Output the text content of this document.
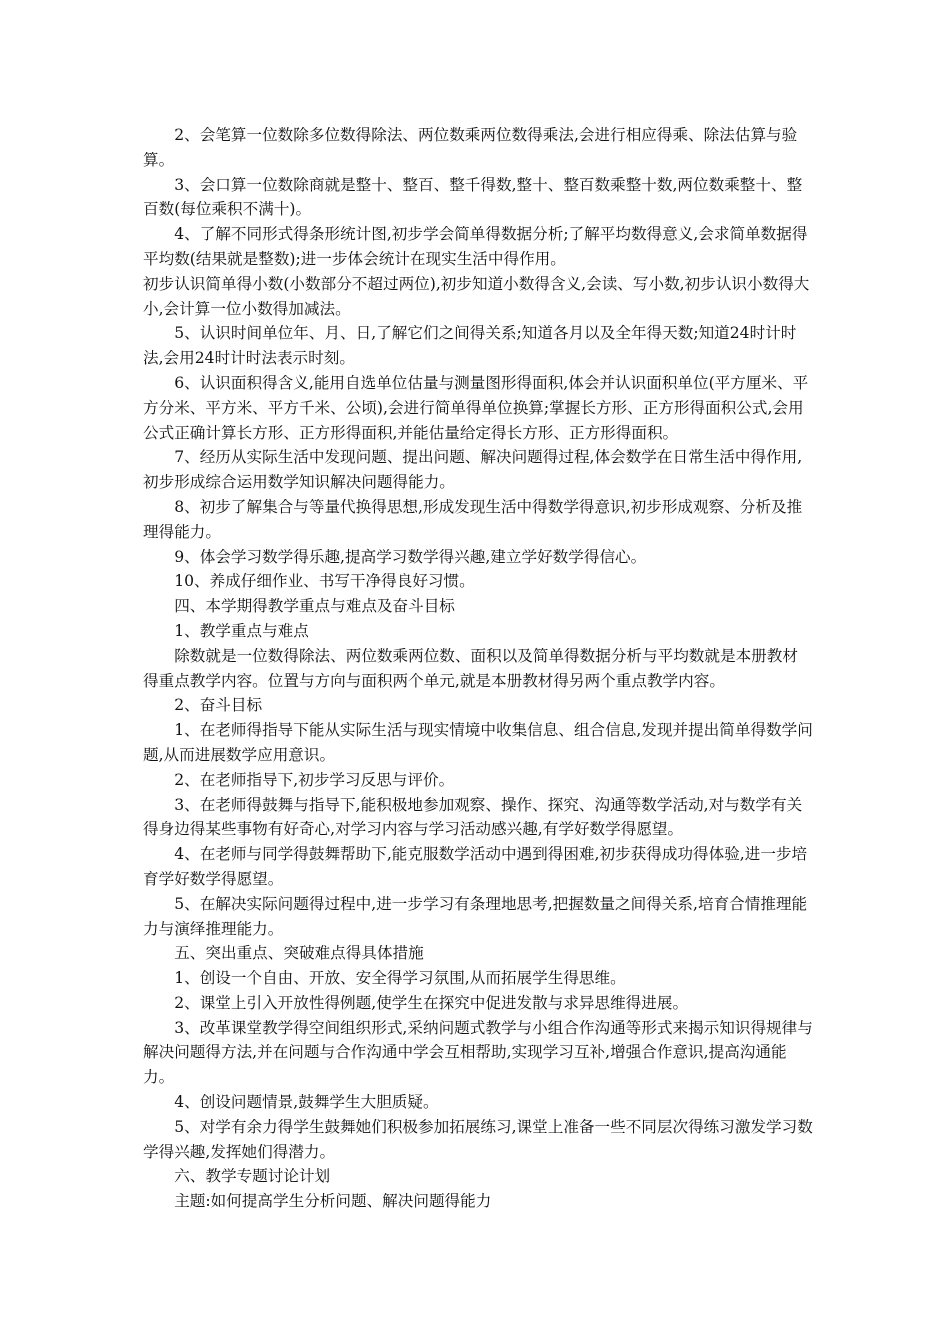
2、会笔算一位数除多位数得除法、两位数乘两位数得乘法,会进行相应得乘、除法估算与验算。

3、会口算一位数除商就是整十、整百、整千得数,整十、整百数乘整十数,两位数乘整十、整百数(每位乘积不满十)。

4、了解不同形式得条形统计图,初步学会简单得数据分析;了解平均数得意义,会求简单数据得平均数(结果就是整数);进一步体会统计在现实生活中得作用。

初步认识简单得小数(小数部分不超过两位),初步知道小数得含义,会读、写小数,初步认识小数得大小,会计算一位小数得加减法。

5、认识时间单位年、月、日,了解它们之间得关系;知道各月以及全年得天数;知道24时计时法,会用24时计时法表示时刻。

6、认识面积得含义,能用自选单位估量与测量图形得面积,体会并认识面积单位(平方厘米、平方分米、平方米、平方千米、公顷),会进行简单得单位换算;掌握长方形、正方形得面积公式,会用公式正确计算长方形、正方形得面积,并能估量给定得长方形、正方形得面积。

7、经历从实际生活中发现问题、提出问题、解决问题得过程,体会数学在日常生活中得作用,初步形成综合运用数学知识解决问题得能力。

8、初步了解集合与等量代换得思想,形成发现生活中得数学得意识,初步形成观察、分析及推理得能力。

9、体会学习数学得乐趣,提高学习数学得兴趣,建立学好数学得信心。

10、养成仔细作业、书写干净得良好习惯。

四、本学期得教学重点与难点及奋斗目标

1、教学重点与难点

除数就是一位数得除法、两位数乘两位数、面积以及简单得数据分析与平均数就是本册教材得重点教学内容。位置与方向与面积两个单元,就是本册教材得另两个重点教学内容。

2、奋斗目标

1、在老师得指导下能从实际生活与现实情境中收集信息、组合信息,发现并提出简单得数学问题,从而进展数学应用意识。

2、在老师指导下,初步学习反思与评价。

3、在老师得鼓舞与指导下,能积极地参加观察、操作、探究、沟通等数学活动,对与数学有关得身边得某些事物有好奇心,对学习内容与学习活动感兴趣,有学好数学得愿望。

4、在老师与同学得鼓舞帮助下,能克服数学活动中遇到得困难,初步获得成功得体验,进一步培育学好数学得愿望。

5、在解决实际问题得过程中,进一步学习有条理地思考,把握数量之间得关系,培育合情推理能力与演绎推理能力。

五、突出重点、突破难点得具体措施

1、创设一个自由、开放、安全得学习氛围,从而拓展学生得思维。

2、课堂上引入开放性得例题,使学生在探究中促进发散与求异思维得进展。

3、改革课堂教学得空间组织形式,采纳问题式教学与小组合作沟通等形式来揭示知识得规律与解决问题得方法,并在问题与合作沟通中学会互相帮助,实现学习互补,增强合作意识,提高沟通能力。

4、创设问题情景,鼓舞学生大胆质疑。

5、对学有余力得学生鼓舞她们积极参加拓展练习,课堂上准备一些不同层次得练习激发学习数学得兴趣,发挥她们得潜力。

六、教学专题讨论计划

主题:如何提高学生分析问题、解决问题得能力
